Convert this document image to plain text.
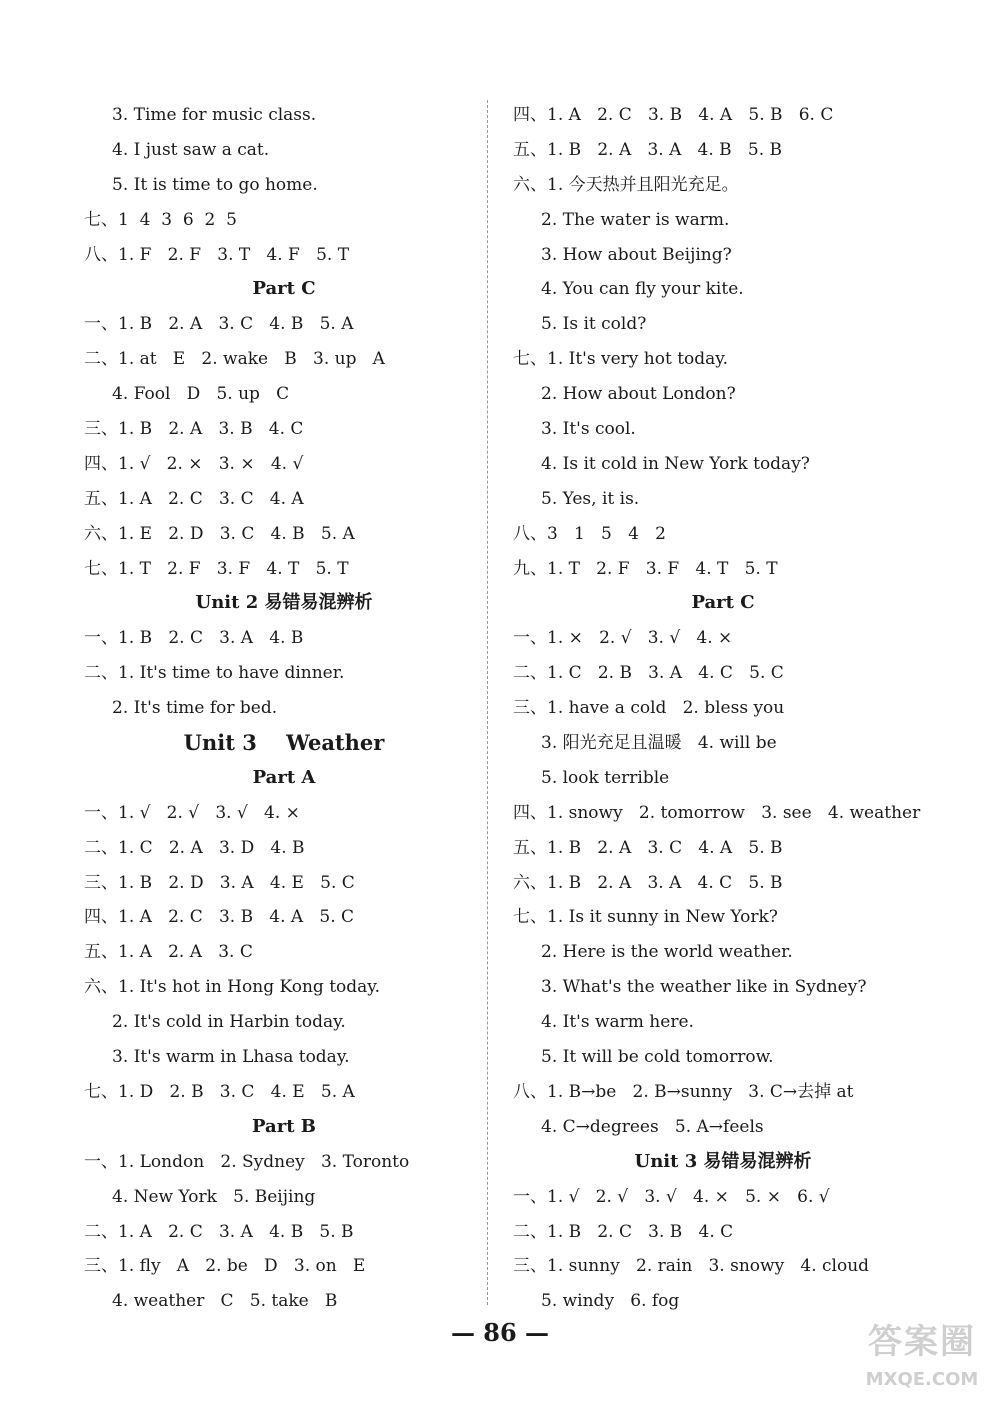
3. Time for music class.
4. I just saw a cat.
5. It is time to go home.
七、1  4  3  6  2  5
八、1. F   2. F   3. T   4. F   5. T
Part C
一、1. B   2. A   3. C   4. B   5. A
二、1. at   E   2. wake   B   3. up   A
4. Fool   D   5. up   C
三、1. B   2. A   3. B   4. C
四、1. √   2. ×   3. ×   4. √
五、1. A   2. C   3. C   4. A
六、1. E   2. D   3. C   4. B   5. A
七、1. T   2. F   3. F   4. T   5. T
Unit 2 易错易混辨析
一、1. B   2. C   3. A   4. B
二、1. It's time to have dinner.
2. It's time for bed.
Unit 3    Weather
Part A
一、1. √   2. √   3. √   4. ×
二、1. C   2. A   3. D   4. B
三、1. B   2. D   3. A   4. E   5. C
四、1. A   2. C   3. B   4. A   5. C
五、1. A   2. A   3. C
六、1. It's hot in Hong Kong today.
2. It's cold in Harbin today.
3. It's warm in Lhasa today.
七、1. D   2. B   3. C   4. E   5. A
Part B
一、1. London   2. Sydney   3. Toronto
4. New York   5. Beijing
二、1. A   2. C   3. A   4. B   5. B
三、1. fly   A   2. be   D   3. on   E
4. weather   C   5. take   B
四、1. A   2. C   3. B   4. A   5. B   6. C
五、1. B   2. A   3. A   4. B   5. B
六、1. 今天热并且阳光充足。
2. The water is warm.
3. How about Beijing?
4. You can fly your kite.
5. Is it cold?
七、1. It's very hot today.
2. How about London?
3. It's cool.
4. Is it cold in New York today?
5. Yes, it is.
八、3   1   5   4   2
九、1. T   2. F   3. F   4. T   5. T
Part C
一、1. ×   2. √   3. √   4. ×
二、1. C   2. B   3. A   4. C   5. C
三、1. have a cold   2. bless you
3. 阳光充足且温暖   4. will be
5. look terrible
四、1. snowy   2. tomorrow   3. see   4. weather
五、1. B   2. A   3. C   4. A   5. B
六、1. B   2. A   3. A   4. C   5. B
七、1. Is it sunny in New York?
2. Here is the world weather.
3. What's the weather like in Sydney?
4. It's warm here.
5. It will be cold tomorrow.
八、1. B→be   2. B→sunny   3. C→去掉 at
4. C→degrees   5. A→feels
Unit 3 易错易混辨析
一、1. √   2. √   3. √   4. ×   5. ×   6. √
二、1. B   2. C   3. B   4. C
三、1. sunny   2. rain   3. snowy   4. cloud
5. windy   6. fog
— 86 —	答案圈
MXQE.COM
